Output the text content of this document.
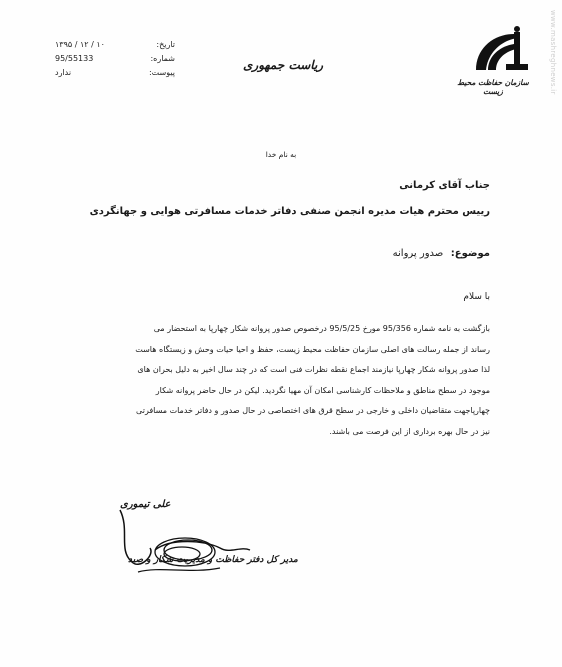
www.mashreghnews.ir
تاریخ:
۱۳۹۵ / ۱۲ / ۱۰
شماره:
95/55133
پیوست:
ندارد
ریاست جمهوری
سازمان حفاظت محیط زیست
به نام خدا
جناب آقای کرمانی
رییس محترم هیات مدیره انجمن صنفی دفاتر خدمات مسافرتی هوایی و جهانگردی
موضوع: صدور پروانه
با سلام

بازگشت به نامه شماره 95/356 مورخ 95/5/25 درخصوص صدور پروانه شکار چهارپا به استحضار می

رساند از جمله رسالت های اصلی سازمان حفاظت محیط زیست، حفظ و احیا حیات وحش و زیستگاه هاست

لذا صدور پروانه شکار چهارپا نیازمند اجماع نقطه نظرات فنی است که در چند سال اخیر به دلیل بحران های

موجود در سطح مناطق و ملاحظات کارشناسی امکان آن مهیا نگردید. لیکن در حال حاضر پروانه شکار

چهارپاجهت متقاضیان داخلی و خارجی در سطح قرق های اختصاصی در حال صدور و دفاتر خدمات مسافرتی

نیز در حال بهره برداری از این فرصت می باشند.

علی تیموری
مدیر کل دفتر حفاظت و مدیریت شکار و صید
